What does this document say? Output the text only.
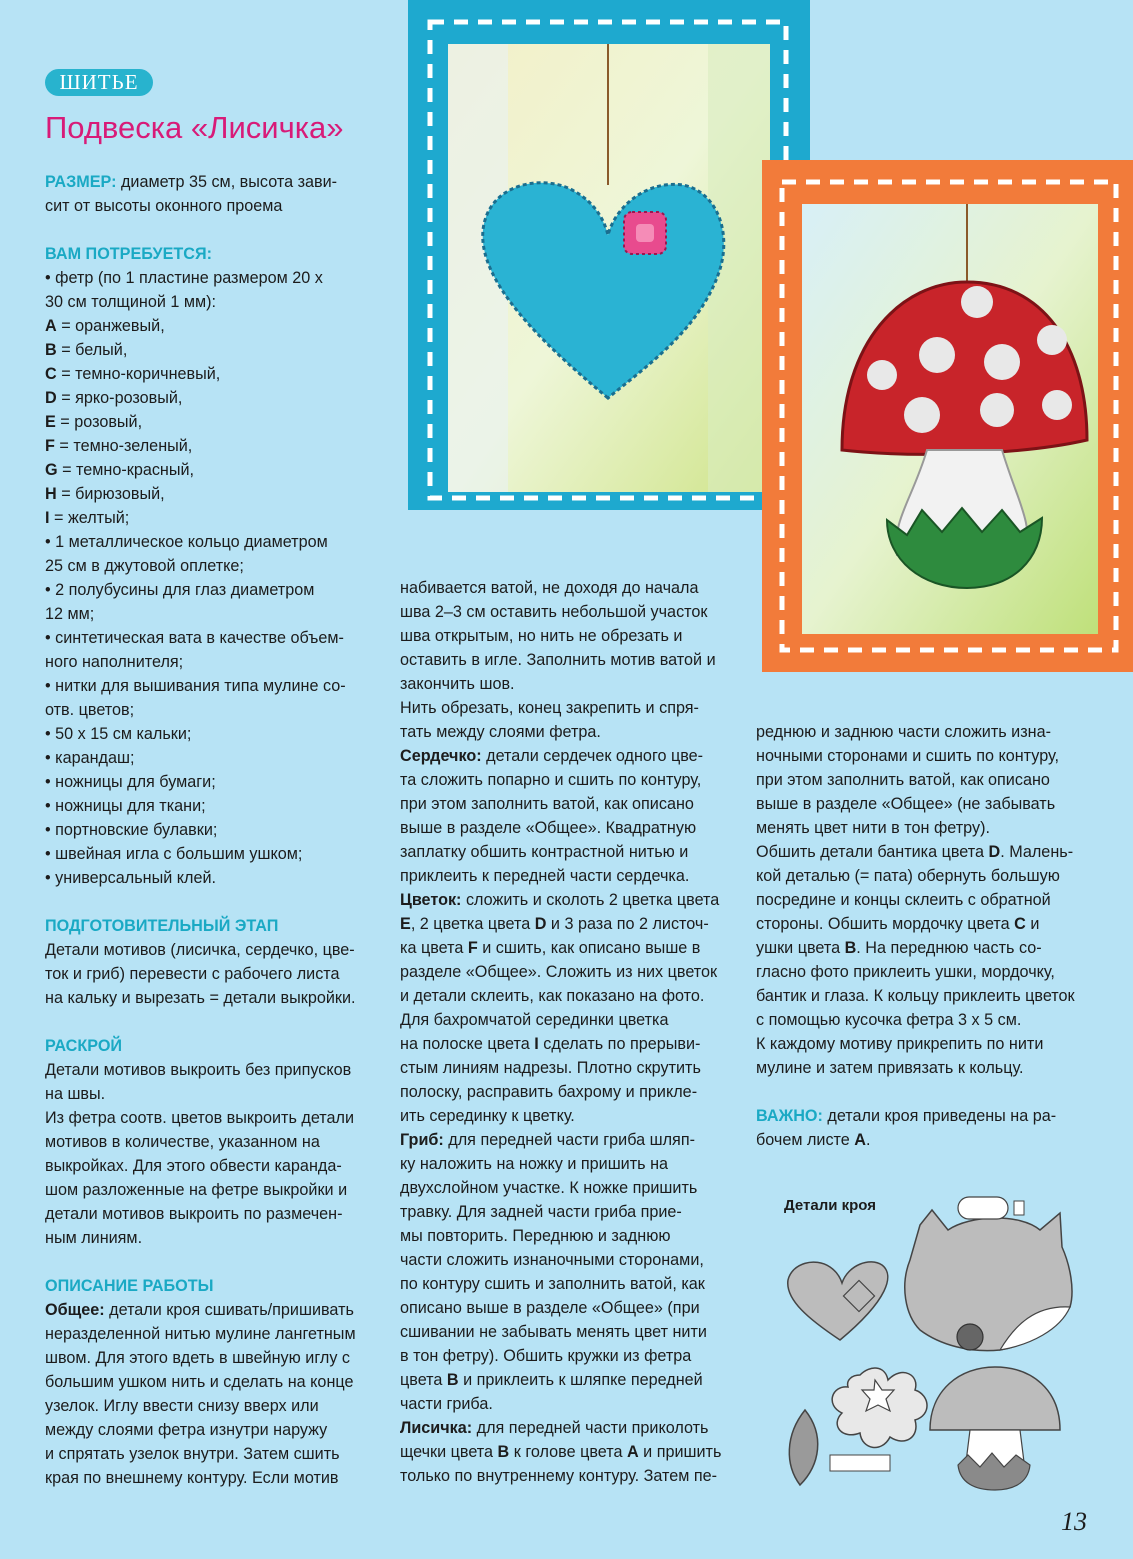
ШИТЬЕ
Подвеска «Лисичка»

РАЗМЕР: диаметр 35 см, высота зави-

сит от высоты оконного проема

ВАМ ПОТРЕБУЕТСЯ:

• фетр (по 1 пластине размером 20 х

30 см толщиной 1 мм):

A = оранжевый,

B = белый,

C = темно-коричневый,

D = ярко-розовый,

E = розовый,

F = темно-зеленый,

G = темно-красный,

H = бирюзовый,

I = желтый;

• 1 металлическое кольцо диаметром

25 см в джутовой оплетке;

• 2 полубусины для глаз диаметром

12 мм;

• синтетическая вата в качестве объем-

ного наполнителя;

• нитки для вышивания типа мулине со-

отв. цветов;

• 50 х 15 см кальки;

• карандаш;

• ножницы для бумаги;

• ножницы для ткани;

• портновские булавки;

• швейная игла с большим ушком;

• универсальный клей.

ПОДГОТОВИТЕЛЬНЫЙ ЭТАП

Детали мотивов (лисичка, сердечко, цве-

ток и гриб) перевести с рабочего листа

на кальку и вырезать = детали выкройки.

РАСКРОЙ

Детали мотивов выкроить без припусков

на швы.

Из фетра соотв. цветов выкроить детали

мотивов в количестве, указанном на

выкройках. Для этого обвести каранда-

шом разложенные на фетре выкройки и

детали мотивов выкроить по размечен-

ным линиям.

ОПИСАНИЕ РАБОТЫ

Общее: детали кроя сшивать/пришивать

неразделенной нитью мулине лангетным

швом. Для этого вдеть в швейную иглу с

большим ушком нить и сделать на конце

узелок. Иглу ввести снизу вверх или

между слоями фетра изнутри наружу

и спрятать узелок внутри. Затем сшить

края по внешнему контуру. Если мотив

набивается ватой, не доходя до начала

шва 2–3 см оставить небольшой участок

шва открытым, но нить не обрезать и

оставить в игле. Заполнить мотив ватой и

закончить шов.

Нить обрезать, конец закрепить и спря-

тать между слоями фетра.

Сердечко: детали сердечек одного цве-

та сложить попарно и сшить по контуру,

при этом заполнить ватой, как описано

выше в разделе «Общее». Квадратную

заплатку обшить контрастной нитью и

приклеить к передней части сердечка.

Цветок: сложить и сколоть 2 цветка цвета

E, 2 цветка цвета D и 3 раза по 2 листоч-

ка цвета F и сшить, как описано выше в

разделе «Общее». Сложить из них цветок

и детали склеить, как показано на фото.

Для бахромчатой серединки цветка

на полоске цвета I сделать по прерыви-

стым линиям надрезы. Плотно скрутить

полоску, расправить бахрому и прикле-

ить серединку к цветку.

Гриб: для передней части гриба шляп-

ку наложить на ножку и пришить на

двухслойном участке. К ножке пришить

травку. Для задней части гриба прие-

мы повторить. Переднюю и заднюю

части сложить изнаночными сторонами,

по контуру сшить и заполнить ватой, как

описано выше в разделе «Общее» (при

сшивании не забывать менять цвет нити

в тон фетру). Обшить кружки из фетра

цвета B и приклеить к шляпке передней

части гриба.

Лисичка: для передней части приколоть

щечки цвета B к голове цвета A и пришить

только по внутреннему контуру. Затем пе-

реднюю и заднюю части сложить изна-

ночными сторонами и сшить по контуру,

при этом заполнить ватой, как описано

выше в разделе «Общее» (не забывать

менять цвет нити в тон фетру).

Обшить детали бантика цвета D. Малень-

кой деталью (= пата) обернуть большую

посредине и концы склеить с обратной

стороны. Обшить мордочку цвета C и

ушки цвета B. На переднюю часть со-

гласно фото приклеить ушки, мордочку,

бантик и глаза. К кольцу приклеить цветок

с помощью кусочка фетра 3 х 5 см.

К каждому мотиву прикрепить по нити

мулине и затем привязать к кольцу.

ВАЖНО: детали кроя приведены на ра-

бочем листе A.

Детали кроя
13
